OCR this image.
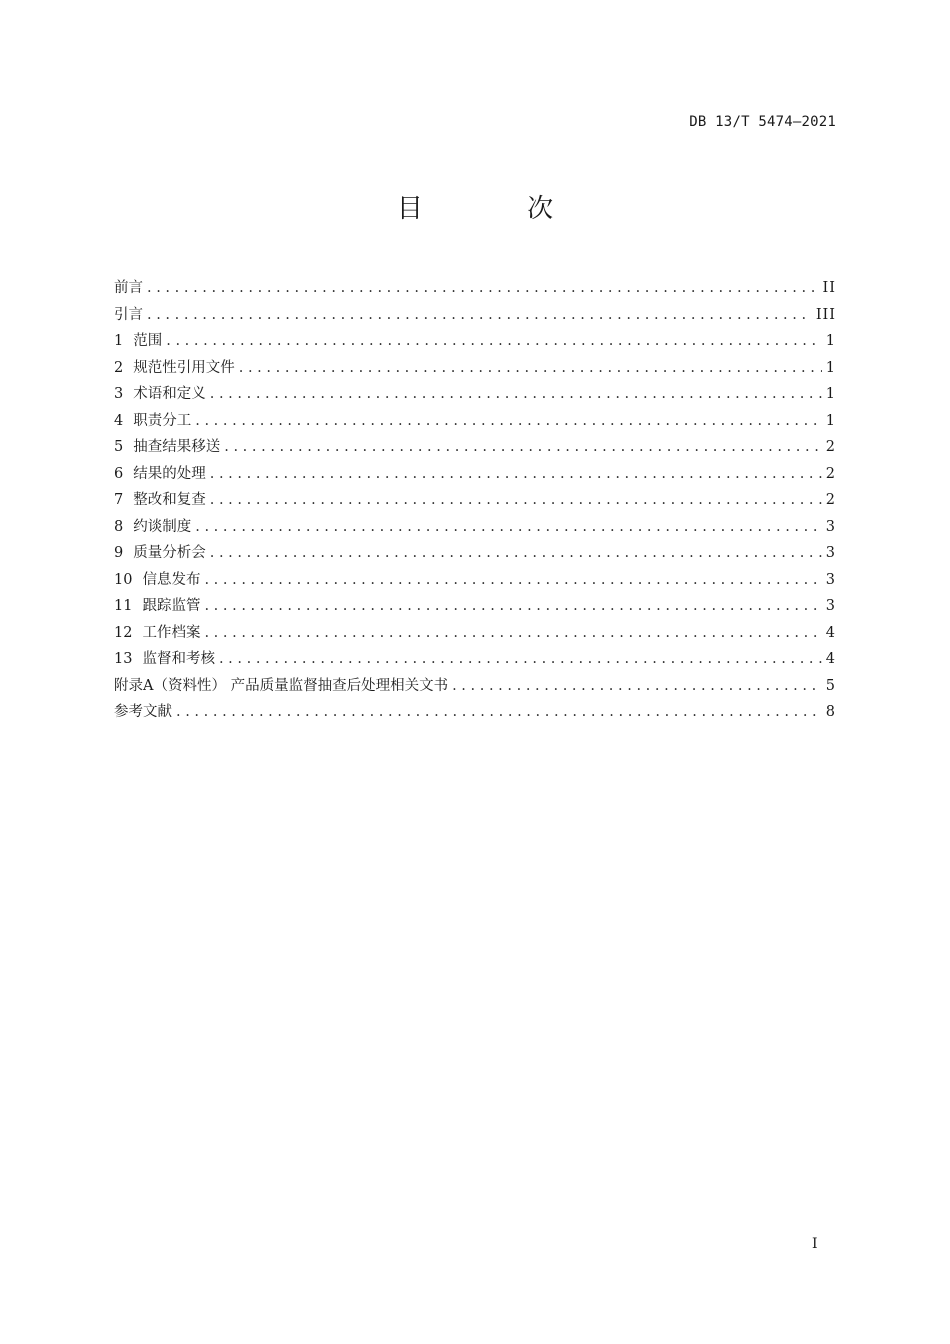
DB 13/T 5474—2021
目 次
前言 . . .	II
引言 . . .	III
1 范围 . . .	1
2 规范性引用文件 . . .	1
3 术语和定义 . . .	1
4 职责分工 . . .	1
5 抽查结果移送 . . .	2
6 结果的处理 . . .	2
7 整改和复查 . . .	2
8 约谈制度 . . .	3
9 质量分析会 . . .	3
10 信息发布 . . .	3
11 跟踪监管 . . .	3
12 工作档案 . . .	4
13 监督和考核 . . .	4
附录A（资料性） 产品质量监督抽查后处理相关文书 . . .	5
参考文献 . . .	8
I
